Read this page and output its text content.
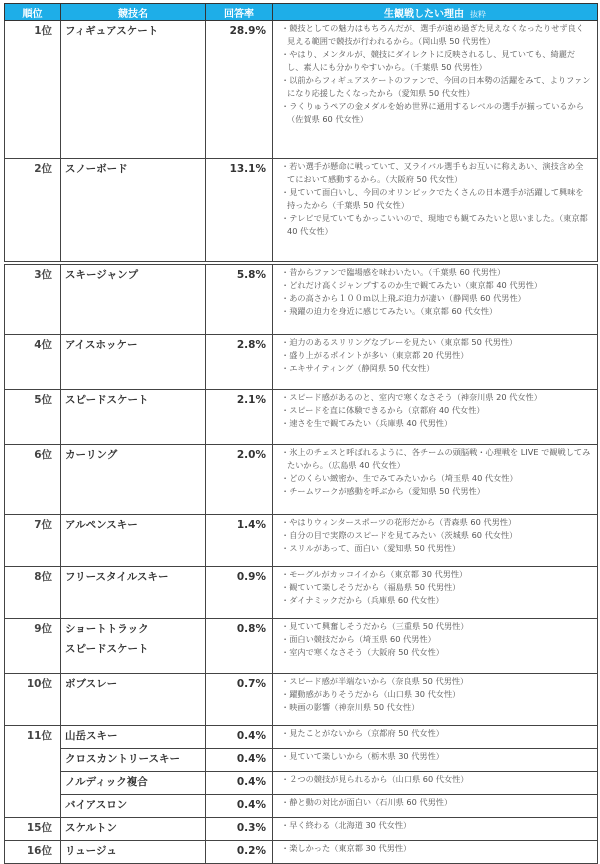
順位	競技名	回答率	生観戦したい理由 抜粋
1位	フィギュアスケート	28.9%	・競技としての魅力はもちろんだが、選手が遠め過ぎた見えなくなったりせず良く見える範囲で競技が行われるから。（岡山県 50 代男性）
・やはり、メンタルが、競技にダイレクトに反映されるし、見ていても、綺麗だし、素人にも分かりやすいから。（千葉県 50 代男性）
・以前からフィギュアスケートのファンで、今回の日本勢の活躍をみて、よりファンになり応援したくなったから（愛知県 50 代女性）
・ラくりゅうペアの金メダルを始め世界に通用するレベルの選手が揃っているから（佐賀県 60 代女性）

2位	スノーボード	13.1%	・若い選手が懸命に戦っていて、又ライバル選手もお互いに称えあい、演技含め全てにおいて感動するから。（大阪府 50 代女性）
・見ていて面白いし、今回のオリンピックでたくさんの日本選手が活躍して興味を持ったから（千葉県 50 代女性）
・テレビで見ていてもかっこいいので、現地でも観てみたいと思いました。（東京都 40 代女性）

3位	スキージャンプ	5.8%	・昔からファンで臨場感を味わいたい。（千葉県 60 代男性）
・どれだけ高くジャンプするのか生で観てみたい（東京都 40 代男性）
・あの高さから１００ｍ以上飛ぶ迫力が凄い（静岡県 60 代男性）
・飛躍の迫力を身近に感じてみたい。（東京都 60 代女性）

4位	アイスホッケー	2.8%	・迫力のあるスリリングなプレーを見たい（東京都 50 代男性）
・盛り上がるポイントが多い（東京都 20 代男性）
・エキサイティング（静岡県 50 代女性）

5位	スピードスケート	2.1%	・スピード感があるのと、室内で寒くなさそう（神奈川県 20 代女性）
・スピードを直に体験できるから（京都府 40 代女性）
・速さを生で観てみたい（兵庫県 40 代男性）

6位	カーリング	2.0%	・氷上のチェスと呼ばれるように、各チームの頭脳戦・心理戦を LIVE で観戦してみたいから。（広島県 40 代女性）
・どのくらい緻密か、生でみてみたいから（埼玉県 40 代女性）
・チームワークが感動を呼ぶから（愛知県 50 代男性）

7位	アルペンスキー	1.4%	・やはりウィンタースポーツの花形だから（青森県 60 代男性）
・自分の目で実際のスピードを見てみたい（茨城県 60 代女性）
・スリルがあって、面白い（愛知県 50 代男性）

8位	フリースタイルスキー	0.9%	・モーグルがカッコイイから（東京都 30 代男性）
・観ていて楽しそうだから（福島県 50 代男性）
・ダイナミックだから（兵庫県 60 代女性）

9位	ショートトラック
スピードスケート
	0.8%	・見ていて興奮しそうだから（三重県 50 代男性）
・面白い競技だから（埼玉県 60 代男性）
・室内で寒くなさそう（大阪府 50 代女性）

10位	ボブスレー	0.7%	・スピード感が半端ないから（奈良県 50 代男性）
・躍動感がありそうだから（山口県 30 代女性）
・映画の影響（神奈川県 50 代女性）

11位	山岳スキー	0.4%	・見たことがないから（京都府 50 代女性）

	クロスカントリースキー	0.4%	・見ていて楽しいから（栃木県 30 代男性）

	ノルディック複合	0.4%	・２つの競技が見られるから（山口県 60 代女性）

	バイアスロン	0.4%	・静と動の対比が面白い（石川県 60 代男性）

15位	スケルトン	0.3%	・早く終わる（北海道 30 代女性）

16位	リュージュ	0.2%	・楽しかった（東京都 30 代男性）
